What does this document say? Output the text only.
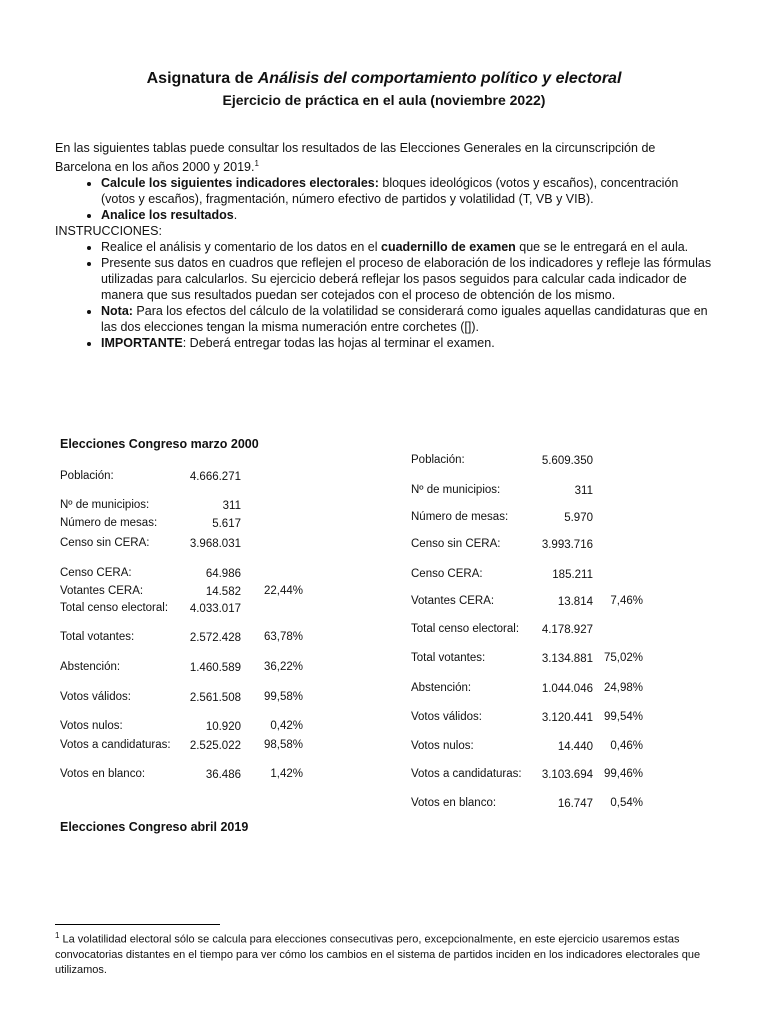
Asignatura de Análisis del comportamiento político y electoral
Ejercicio de práctica en el aula (noviembre 2022)

En las siguientes tablas puede consultar los resultados de las Elecciones Generales en la circunscripción de Barcelona en los años 2000 y 2019.$^1$

• Calcule los siguientes indicadores electorales: bloques ideológicos (votos y escaños), concentración (votos y escaños), fragmentación, número efectivo de partidos y volatilidad (T, VB y VIB).
• Analice los resultados.

INSTRUCCIONES:

• Realice el análisis y comentario de los datos en el cuadernillo de examen que se le entregará en el aula.
• Presente sus datos en cuadros que reflejen el proceso de elaboración de los indicadores y refleje las fórmulas utilizadas para calcularlos. Su ejercicio deberá reflejar los pasos seguidos para calcular cada indicador de manera que sus resultados puedan ser cotejados con el proceso de obtención de los mismo.
• Nota: Para los efectos del cálculo de la volatilidad se considerará como iguales aquellas candidaturas que en las dos elecciones tengan la misma numeración entre corchetes ([]).
• IMPORTANTE: Deberá entregar todas las hojas al terminar el examen.
Elecciones Congreso marzo 2000
Elecciones Congreso abril 2019
Población:	4.666.271
Nº de municipios:	311
Número de mesas:	5.617
Censo sin CERA:	3.968.031
Censo CERA:	64.986
Votantes CERA:	14.582	22,44%
Total censo electoral:	4.033.017
Total votantes:	2.572.428	63,78%
Abstención:	1.460.589	36,22%
Votos válidos:	2.561.508	99,58%
Votos nulos:	10.920	0,42%
Votos a candidaturas:	2.525.022	98,58%
Votos en blanco:	36.486	1,42%
Población:	5.609.350
Nº de municipios:	311
Número de mesas:	5.970
Censo sin CERA:	3.993.716
Censo CERA:	185.211
Votantes CERA:	13.814	7,46%
Total censo electoral:	4.178.927
Total votantes:	3.134.881 75,02%
Abstención:	1.044.046 24,98%
Votos válidos:	3.120.441 99,54%
Votos nulos:	14.440	0,46%
Votos a candidaturas:	3.103.694 99,46%
Votos en blanco:	16.747	0,54%
$^1$ La volatilidad electoral sólo se calcula para elecciones consecutivas pero, excepcionalmente, en este ejercicio usaremos estas convocatorias distantes en el tiempo para ver cómo los cambios en el sistema de partidos inciden en los indicadores electorales que utilizamos.
